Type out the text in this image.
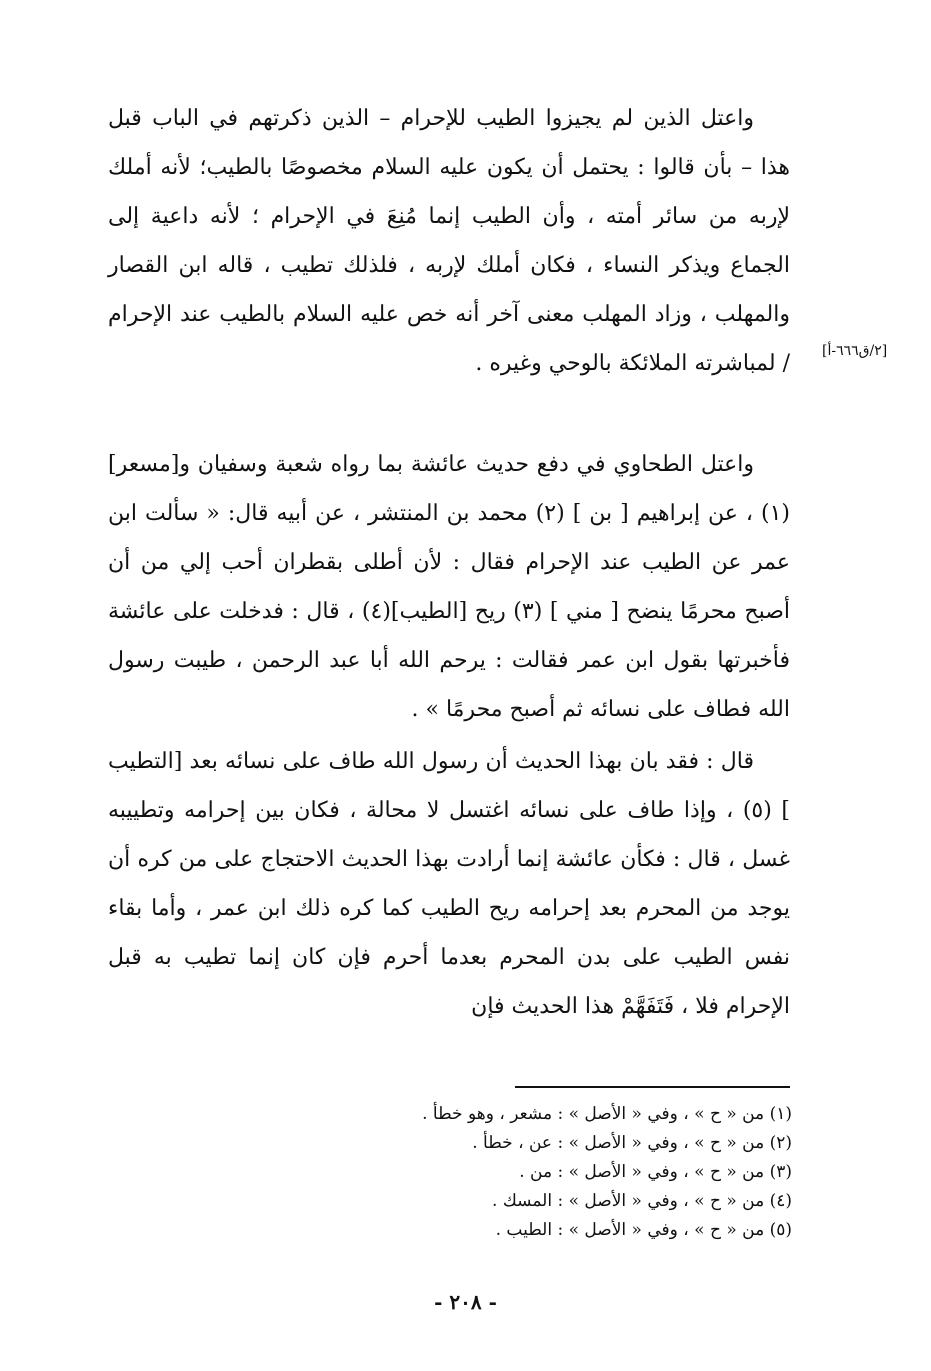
واعتل الذين لم يجيزوا الطيب للإحرام – الذين ذكرتهم في الباب قبل هذا – بأن قالوا : يحتمل أن يكون عليه السلام مخصوصًا بالطيب؛ لأنه أملك لإربه من سائر أمته ، وأن الطيب إنما مُنِعَ في الإحرام ؛ لأنه داعية إلى الجماع ويذكر النساء ، فكان أملك لإربه ، فلذلك تطيب ، قاله ابن القصار والمهلب ، وزاد المهلب معنى آخر أنه خص عليه السلام بالطيب عند الإحرام / لمباشرته الملائكة بالوحي وغيره . [٢/ق٦٦٦-أ]

واعتل الطحاوي في دفع حديث عائشة بما رواه شعبة وسفيان و[مسعر] (١) ، عن إبراهيم [ بن ] (٢) محمد بن المنتشر ، عن أبيه قال: « سألت ابن عمر عن الطيب عند الإحرام فقال : لأن أطلى بقطران أحب إلي من أن أصبح محرمًا ينضح [ مني ] (٣) ريح [الطيب](٤) ، قال : فدخلت على عائشة فأخبرتها بقول ابن عمر فقالت : يرحم الله أبا عبد الرحمن ، طيبت رسول الله فطاف على نسائه ثم أصبح محرمًا » .

قال : فقد بان بهذا الحديث أن رسول الله طاف على نسائه بعد [التطيب ] (٥) ، وإذا طاف على نسائه اغتسل لا محالة ، فكان بين إحرامه وتطييبه غسل ، قال : فكأن عائشة إنما أرادت بهذا الحديث الاحتجاج على من كره أن يوجد من المحرم بعد إحرامه ريح الطيب كما كره ذلك ابن عمر ، وأما بقاء نفس الطيب على بدن المحرم بعدما أحرم فإن كان إنما تطيب به قبل الإحرام فلا ، فَتَفَهَّمْ هذا الحديث فإن

(١) من « ح » ، وفي « الأصل » : مشعر ، وهو خطأ .

(٢) من « ح » ، وفي « الأصل » : عن ، خطأ .

(٣) من « ح » ، وفي « الأصل » : من .

(٤) من « ح » ، وفي « الأصل » : المسك .

(٥) من « ح » ، وفي « الأصل » : الطيب .

- ٢٠٨ -
